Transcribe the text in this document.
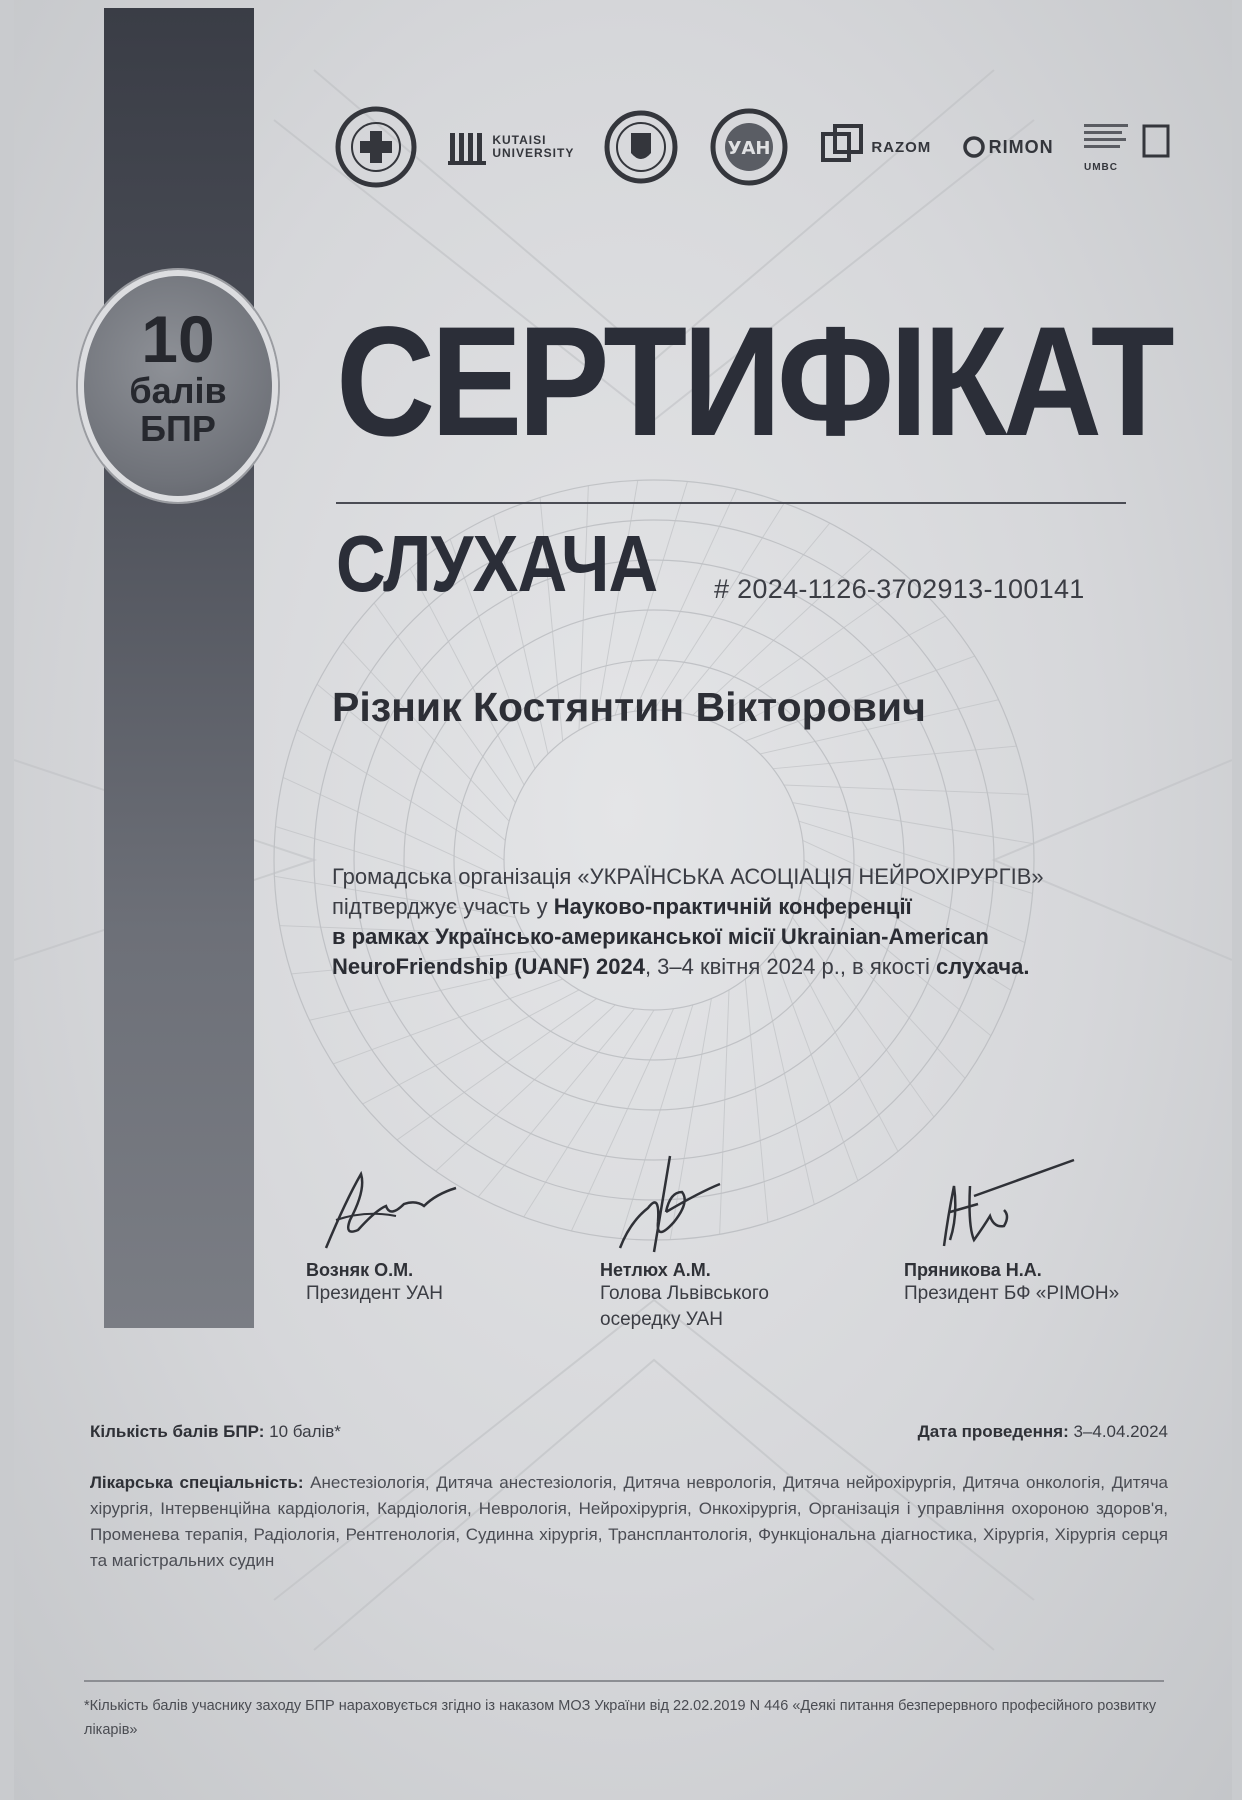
10
балів
БПР
KUTAISI UNIVERSITY	УАН	RAZOM	RIMON
UMBC
СЕРТИФІКАТ
СЛУХАЧА # 2024-1126-3702913-100141
Різник Костянтин Вікторович
Громадська організація «УКРАЇНСЬКА АСОЦІАЦІЯ НЕЙРОХІРУРГІВ»
підтверджує участь у Науково-практичній конференції
в рамках Українсько-американської місії Ukrainian-American
NeuroFriendship (UANF) 2024, 3–4 квітня 2024 р., в якості слухача.
Возняк О.М.
Президент УАН
Нетлюх А.М.
Голова Львівського
осередку УАН
Пряникова Н.А.
Президент БФ «РІМОН»
Кількість балів БПР: 10 балів*	Дата проведення: 3–4.04.2024
Лікарська спеціальність: Анестезіологія, Дитяча анестезіологія, Дитяча неврологія, Дитяча нейрохірургія, Дитяча онкологія, Дитяча хірургія, Інтервенційна кардіологія, Кардіологія, Неврологія, Нейрохірургія, Онкохірургія, Організація і управління охороною здоров'я, Променева терапія, Радіологія, Рентгенологія, Судинна хірургія, Трансплантологія, Функціональна діагностика, Хірургія, Хірургія серця та магістральних судин
*Кількість балів учаснику заходу БПР нараховується згідно із наказом МОЗ України від 22.02.2019 N 446 «Деякі питання безперервного професійного розвитку лікарів»
